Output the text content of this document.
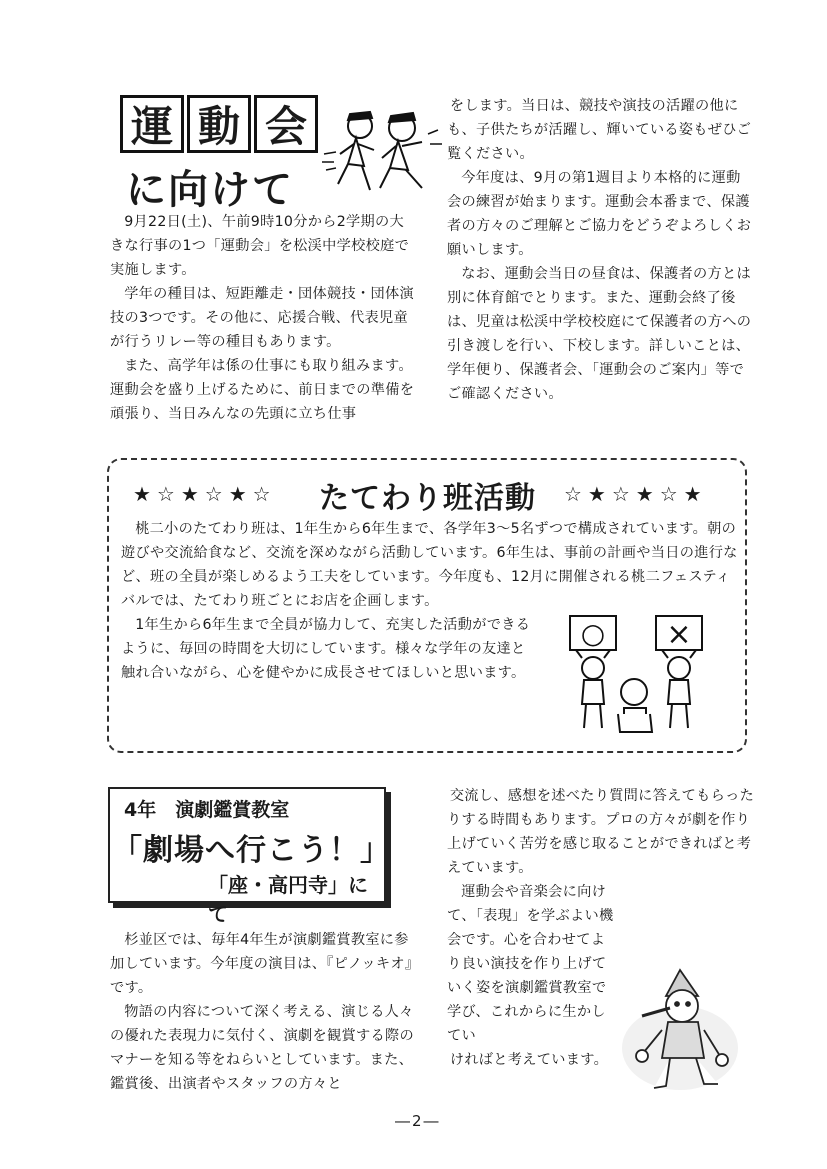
運 動 会
に向けて

9月22日(土)、午前9時10分から2学期の大きな行事の1つ「運動会」を松渓中学校校庭で実施します。

学年の種目は、短距離走・団体競技・団体演技の3つです。その他に、応援合戦、代表児童が行うリレー等の種目もあります。

また、高学年は係の仕事にも取り組みます。運動会を盛り上げるために、前日までの準備を頑張り、当日みんなの先頭に立ち仕事

をします。当日は、競技や演技の活躍の他にも、子供たちが活躍し、輝いている姿もぜひご覧ください。

今年度は、9月の第1週目より本格的に運動会の練習が始まります。運動会本番まで、保護者の方々のご理解とご協力をどうぞよろしくお願いします。

なお、運動会当日の昼食は、保護者の方とは別に体育館でとります。また、運動会終了後は、児童は松渓中学校校庭にて保護者の方への引き渡しを行い、下校します。詳しいことは、学年便り、保護者会、「運動会のご案内」等でご確認ください。

★☆★☆★☆ たてわり班活動 ☆★☆★☆★

桃二小のたてわり班は、1年生から6年生まで、各学年3～5名ずつで構成されています。朝の遊びや交流給食など、交流を深めながら活動しています。6年生は、事前の計画や当日の進行など、班の全員が楽しめるよう工夫をしています。今年度も、12月に開催される桃二フェスティバルでは、たてわり班ごとにお店を企画します。

1年生から6年生まで全員が協力して、充実した活動ができるように、毎回の時間を大切にしています。様々な学年の友達と触れ合いながら、心を健やかに成長させてほしいと思います。

○ ×
4年　演劇鑑賞教室
「劇場へ行こう！」
「座・高円寺」にて

杉並区では、毎年4年生が演劇鑑賞教室に参加しています。今年度の演目は、『ピノッキオ』です。

物語の内容について深く考える、演じる人々の優れた表現力に気付く、演劇を観賞する際のマナーを知る等をねらいとしています。また、鑑賞後、出演者やスタッフの方々と

交流し、感想を述べたり質問に答えてもらったりする時間もあります。プロの方々が劇を作り上げていく苦労を感じ取ることができればと考えています。

運動会や音楽会に向けて、「表現」を学ぶよい機会です。心を合わせてより良い演技を作り上げていく姿を演劇鑑賞教室で学び、これからに生かしてい

ければと考えています。

―2―
